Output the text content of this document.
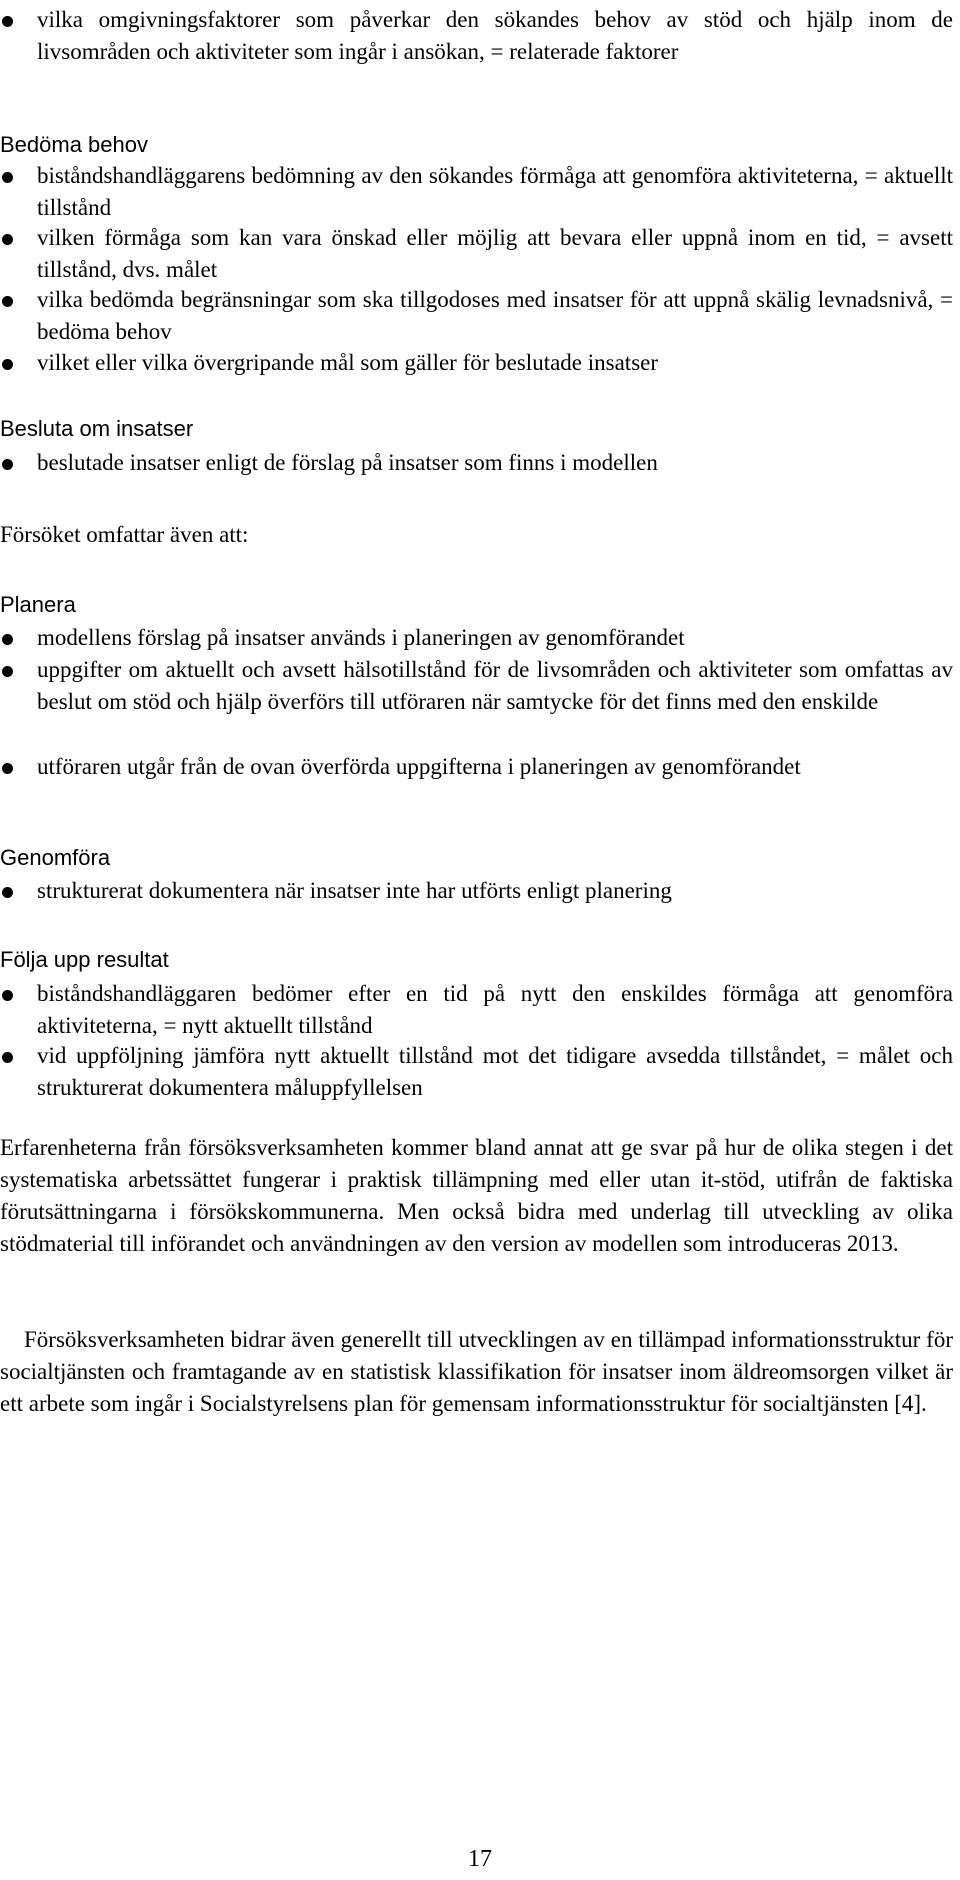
vilka omgivningsfaktorer som påverkar den sökandes behov av stöd och hjälp inom de livsområden och aktiviteter som ingår i ansökan, = relaterade faktorer
Bedöma behov
biståndshandläggarens bedömning av den sökandes förmåga att genomföra aktiviteterna, = aktuellt tillstånd
vilken förmåga som kan vara önskad eller möjlig att bevara eller uppnå inom en tid, = avsett tillstånd, dvs. målet
vilka bedömda begränsningar som ska tillgodoses med insatser för att uppnå skälig levnadsnivå, = bedöma behov
vilket eller vilka övergripande mål som gäller för beslutade insatser
Besluta om insatser
beslutade insatser enligt de förslag på insatser som finns i modellen
Försöket omfattar även att:
Planera
modellens förslag på insatser används i planeringen av genomförandet
uppgifter om aktuellt och avsett hälsotillstånd för de livsområden och aktiviteter som omfattas av beslut om stöd och hjälp överförs till utföraren när samtycke för det finns med den enskilde
utföraren utgår från de ovan överförda uppgifterna i planeringen av genomförandet
Genomföra
strukturerat dokumentera när insatser inte har utförts enligt planering
Följa upp resultat
biståndshandläggaren bedömer efter en tid på nytt den enskildes förmåga att genomföra aktiviteterna, = nytt aktuellt tillstånd
vid uppföljning jämföra nytt aktuellt tillstånd mot det tidigare avsedda tillståndet, = målet och strukturerat dokumentera måluppfyllelsen

Erfarenheterna från försöksverksamheten kommer bland annat att ge svar på hur de olika stegen i det systematiska arbetssättet fungerar i praktisk tillämpning med eller utan it-stöd, utifrån de faktiska förutsättningarna i försökskommunerna. Men också bidra med underlag till utveckling av olika stödmaterial till införandet och användningen av den version av modellen som introduceras 2013.

Försöksverksamheten bidrar även generellt till utvecklingen av en tillämpad informationsstruktur för socialtjänsten och framtagande av en statistisk klassifikation för insatser inom äldreomsorgen vilket är ett arbete som ingår i Socialstyrelsens plan för gemensam informationsstruktur för socialtjänsten [4].

17
